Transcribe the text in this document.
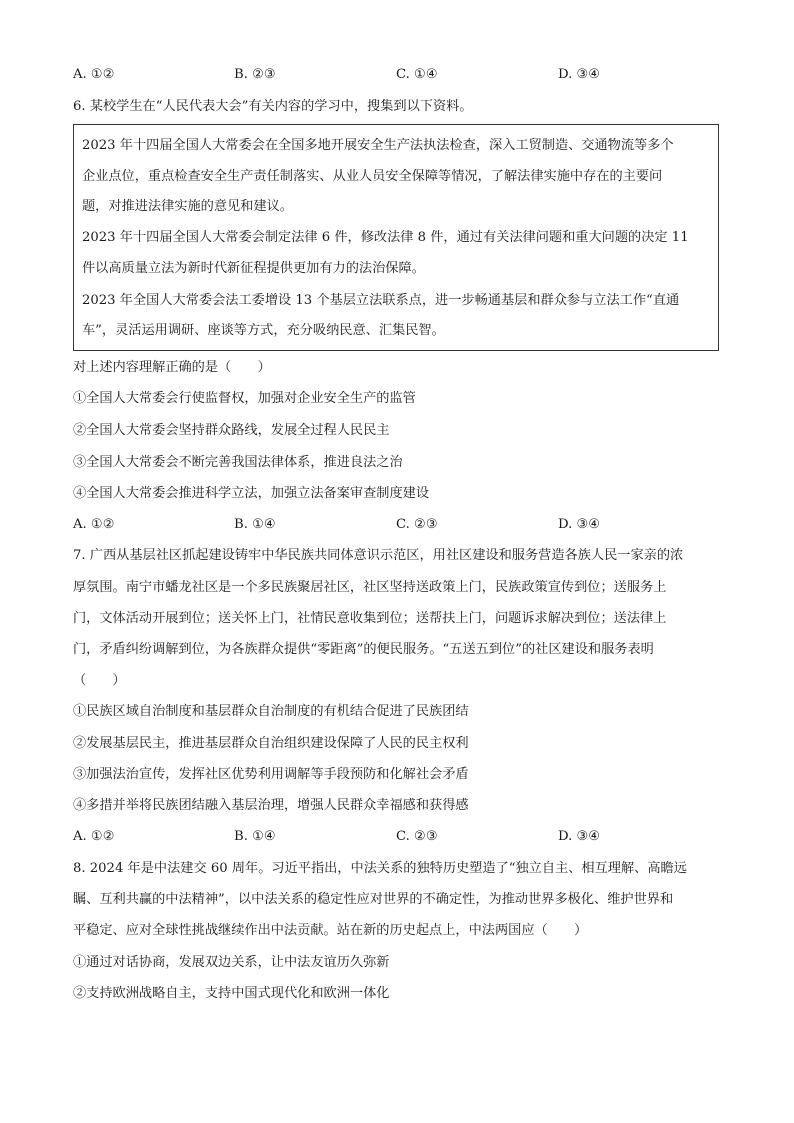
A. ①②	B. ②③	C. ①④	D. ③④
6. 某校学生在“人民代表大会”有关内容的学习中，搜集到以下资料。
2023 年十四届全国人大常委会在全国多地开展安全生产法执法检查，深入工贸制造、交通物流等多个
企业点位，重点检查安全生产责任制落实、从业人员安全保障等情况，了解法律实施中存在的主要问
题，对推进法律实施的意见和建议。
2023 年十四届全国人大常委会制定法律 6 件，修改法律 8 件，通过有关法律问题和重大问题的决定 11
件以高质量立法为新时代新征程提供更加有力的法治保障。
2023 年全国人大常委会法工委增设 13 个基层立法联系点，进一步畅通基层和群众参与立法工作“直通
车”，灵活运用调研、座谈等方式，充分吸纳民意、汇集民智。
对上述内容理解正确的是（　　）
①全国人大常委会行使监督权，加强对企业安全生产的监管
②全国人大常委会坚持群众路线，发展全过程人民民主
③全国人大常委会不断完善我国法律体系，推进良法之治
④全国人大常委会推进科学立法，加强立法备案审查制度建设
A. ①②	B. ①④	C. ②③	D. ③④
7. 广西从基层社区抓起建设铸牢中华民族共同体意识示范区，用社区建设和服务营造各族人民一家亲的浓
厚氛围。南宁市蟠龙社区是一个多民族聚居社区，社区坚持送政策上门，民族政策宣传到位；送服务上
门，文体活动开展到位；送关怀上门，社情民意收集到位；送帮扶上门，问题诉求解决到位；送法律上
门，矛盾纠纷调解到位，为各族群众提供“零距离”的便民服务。“五送五到位”的社区建设和服务表明
（　　）
①民族区域自治制度和基层群众自治制度的有机结合促进了民族团结
②发展基层民主，推进基层群众自治组织建设保障了人民的民主权利
③加强法治宣传，发挥社区优势利用调解等手段预防和化解社会矛盾
④多措并举将民族团结融入基层治理，增强人民群众幸福感和获得感
A. ①②	B. ①④	C. ②③	D. ③④
8. 2024 年是中法建交 60 周年。习近平指出，中法关系的独特历史塑造了“独立自主、相互理解、高瞻远
瞩、互利共赢的中法精神”，以中法关系的稳定性应对世界的不确定性，为推动世界多极化、维护世界和
平稳定、应对全球性挑战继续作出中法贡献。站在新的历史起点上，中法两国应（　　）
①通过对话协商，发展双边关系，让中法友谊历久弥新
②支持欧洲战略自主，支持中国式现代化和欧洲一体化
